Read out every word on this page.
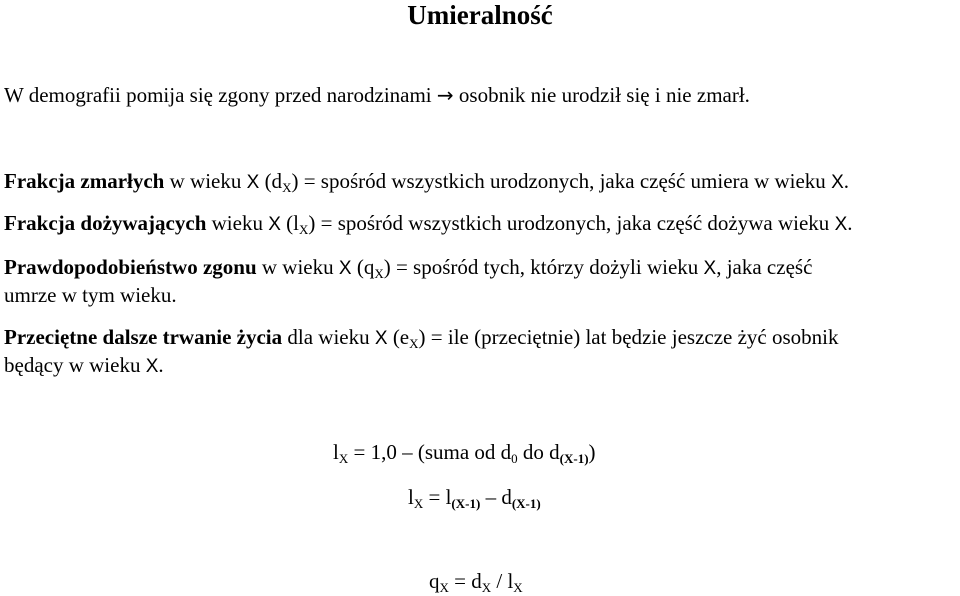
Umieralność
W demografii pomija się zgony przed narodzinami → osobnik nie urodził się i nie zmarł.
Frakcja zmarłych w wieku X $(d_X)$ = spośród wszystkich urodzonych, jaka część umiera w wieku X.
Frakcja dożywających wieku X $(l_X)$ = spośród wszystkich urodzonych, jaka część dożywa wieku X.
Prawdopodobieństwo zgonu w wieku X $(q_X)$ = spośród tych, którzy dożyli wieku X, jaka część
umrze w tym wieku.
Przeciętne dalsze trwanie życia dla wieku X $(e_X)$ = ile (przeciętnie) lat będzie jeszcze żyć osobnik
będący w wieku X.
$l_X = 1,0$ – (suma od $d_0$ do d(X-1))
$l_X = l(X-1) - d(X-1)$
$q_X = d_X / l_X$
